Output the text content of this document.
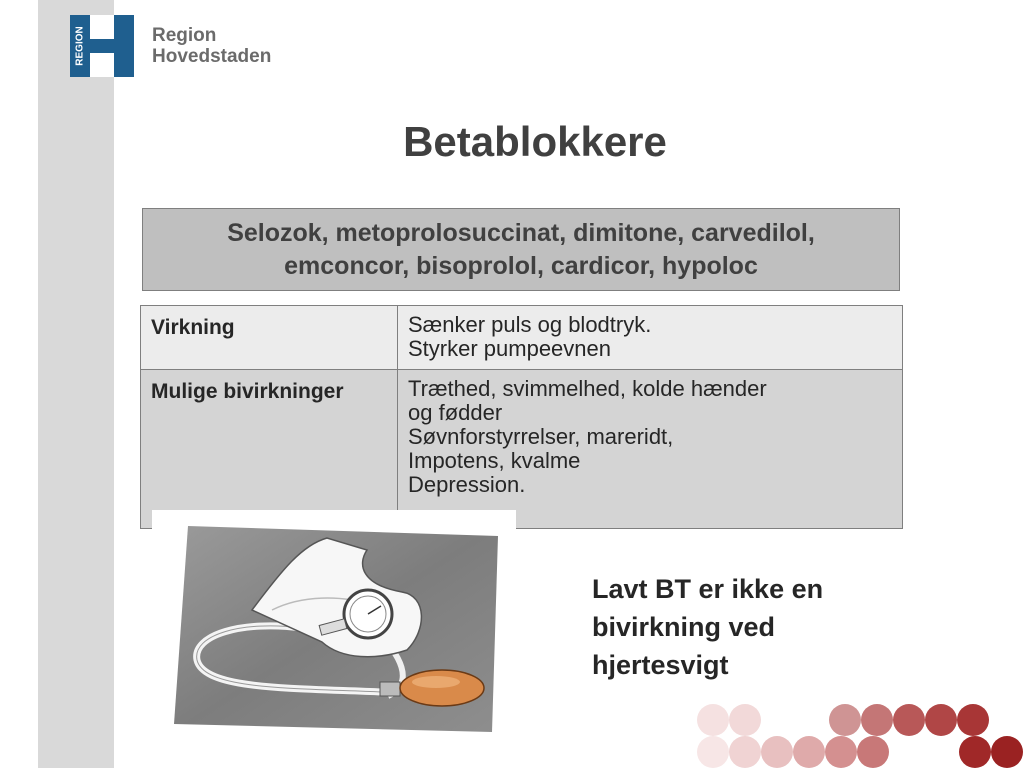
REGION	Region
Hovedstaden
Betablokkere
Selozok, metoprolosuccinat, dimitone, carvedilol,
emconcor, bisoprolol, cardicor, hypoloc
Virkning	Sænker puls og blodtryk.
Styrker pumpeevnen

Mulige bivirkninger	Træthed, svimmelhed, kolde hænder
og fødder
Søvnforstyrrelser, mareridt,
Impotens, kvalme
Depression.
Lavt BT er ikke en
bivirkning ved
hjertesvigt
